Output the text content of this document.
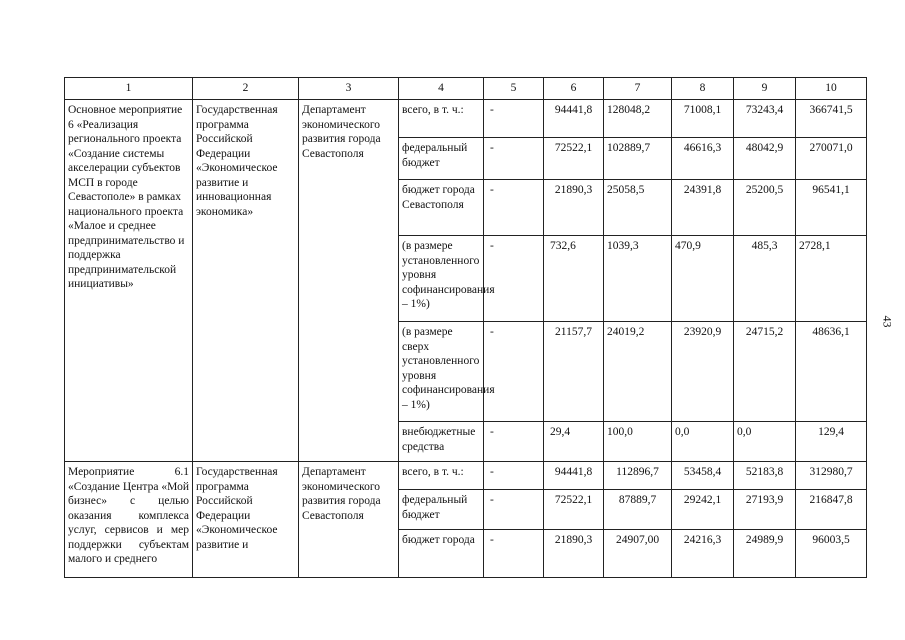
1	2	3	4	5	6	7	8	9	10
Основное мероприятие 6 «Реализация регионального проекта «Создание системы акселерации субъектов МСП в городе Севастополе» в рамках национального проекта «Малое и среднее предпринимательство и поддержка предпринимательской инициативы»	Государственная программа Российской Федерации «Экономическое развитие и инновационная экономика»	Департамент экономического развития города Севастополя	всего, в т. ч.:	-	94441,8	128048,2	71008,1	73243,4	366741,5
			федеральный бюджет	-	72522,1	102889,7	46616,3	48042,9	270071,0
			бюджет города Севастополя	-	21890,3	25058,5	24391,8	25200,5	96541,1
			(в размере установленного уровня софинансирования – 1%)	-	732,6	1039,3	470,9	485,3	2728,1
			(в размере сверх установленного уровня софинансирования – 1%)	-	21157,7	24019,2	23920,9	24715,2	48636,1
			внебюджетные средства	-	29,4	100,0	0,0	0,0	129,4
Мероприятие 6.1 «Создание Центра «Мой бизнес» с целью оказания комплекса услуг, сервисов и мер поддержки субъектам малого и среднего	Государственная программа Российской Федерации «Экономическое развитие и	Департамент экономического развития города Севастополя	всего, в т. ч.:	-	94441,8	112896,7	53458,4	52183,8	312980,7
			федеральный бюджет	-	72522,1	87889,7	29242,1	27193,9	216847,8
			бюджет города	-	21890,3	24907,00	24216,3	24989,9	96003,5
43
